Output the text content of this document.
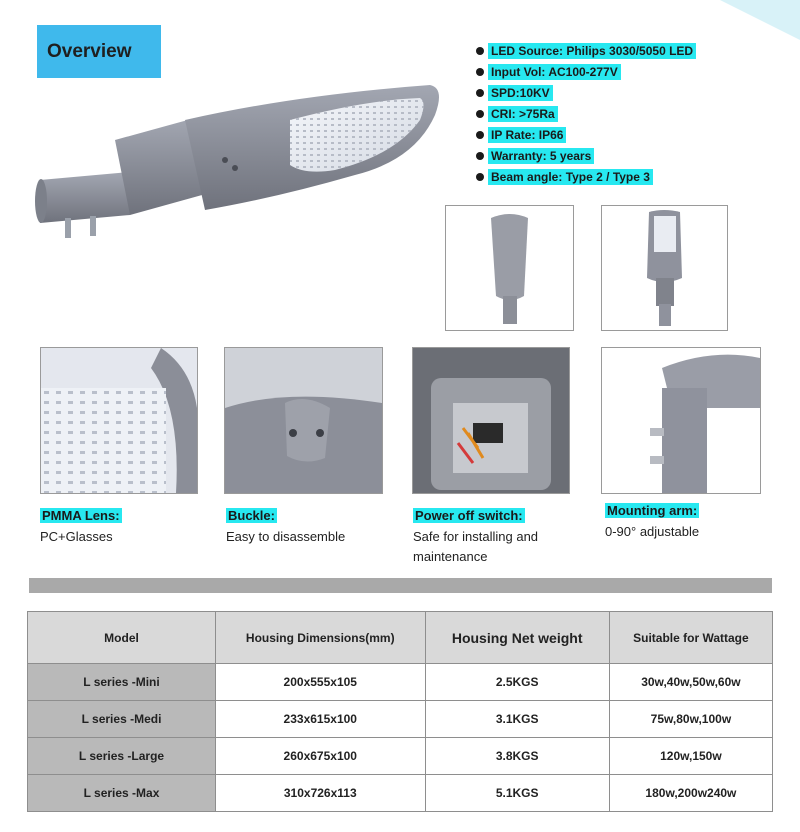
Overview	LED Source: Philips 3030/5050 LED
Input Vol: AC100-277V
SPD:10KV
CRI: >75Ra
IP Rate: IP66
Warranty: 5 years
Beam angle: Type 2 / Type 3
PMMA Lens:
PC+Glasses
Buckle:
Easy to disassemble
Power off switch:
Safe for installing and
maintenance
Mounting arm:
0-90° adjustable
Model	Housing Dimensions(mm)	Housing Net weight	Suitable for Wattage
L series -Mini	200x555x105	2.5KGS	30w,40w,50w,60w
L series -Medi	233x615x100	3.1KGS	75w,80w,100w
L series -Large	260x675x100	3.8KGS	120w,150w
L series -Max	310x726x113	5.1KGS	180w,200w240w
